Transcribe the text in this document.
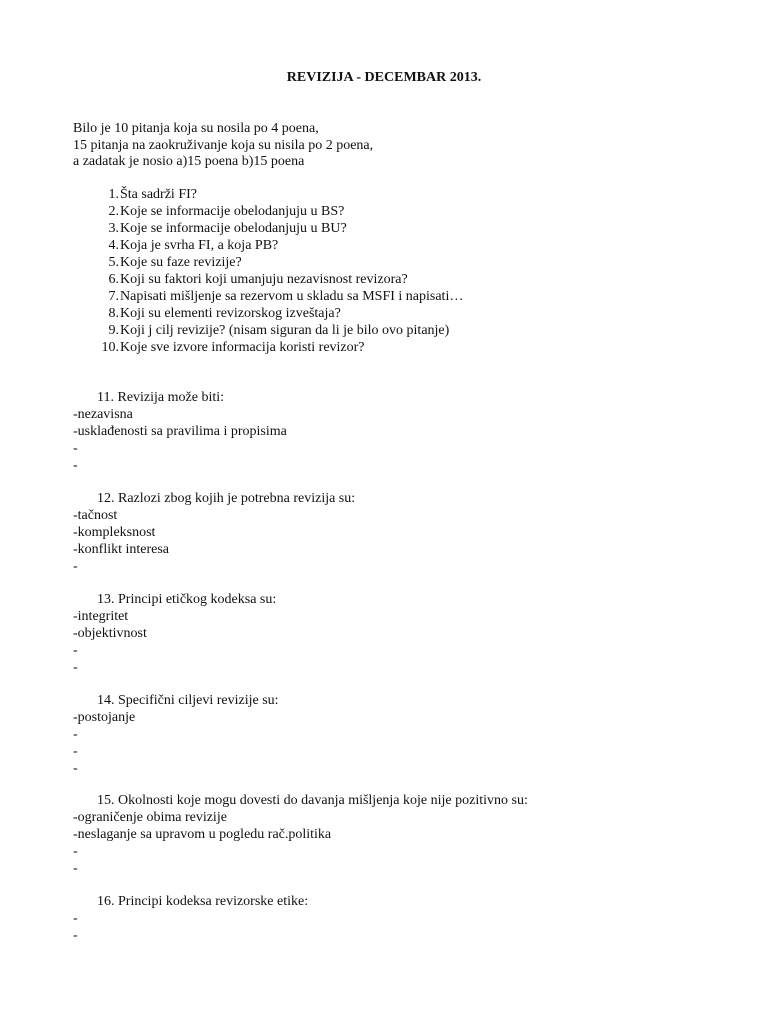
REVIZIJA - DECEMBAR 2013.
Bilo je 10 pitanja koja su nosila po 4 poena,
15 pitanja na zaokruživanje koja su nisila po 2 poena,
a zadatak je nosio a)15 poena b)15 poena
1. Šta sadrži FI?
2. Koje se informacije obelodanjuju u BS?
3. Koje se informacije obelodanjuju u BU?
4. Koja je svrha FI, a koja PB?
5. Koje su faze revizije?
6. Koji su faktori koji umanjuju nezavisnost revizora?
7. Napisati mišljenje sa rezervom u skladu sa MSFI i napisati…
8. Koji su elementi revizorskog izveštaja?
9. Koji j cilj revizije? (nisam siguran da li je bilo ovo pitanje)
10. Koje sve izvore informacija koristi revizor?
11. Revizija može biti:
-nezavisna
-usklađenosti sa pravilima i propisima
-
-
12. Razlozi zbog kojih je potrebna revizija su:
-tačnost
-kompleksnost
-konflikt interesa
-
13. Principi etičkog kodeksa su:
-integritet
-objektivnost
-
-
14. Specifični ciljevi revizije su:
-postojanje
-
-
-
15. Okolnosti koje mogu dovesti do davanja mišljenja koje nije pozitivno su:
-ograničenje obima revizije
-neslaganje sa upravom u pogledu rač.politika
-
-
16. Principi kodeksa revizorske etike:
-
-
